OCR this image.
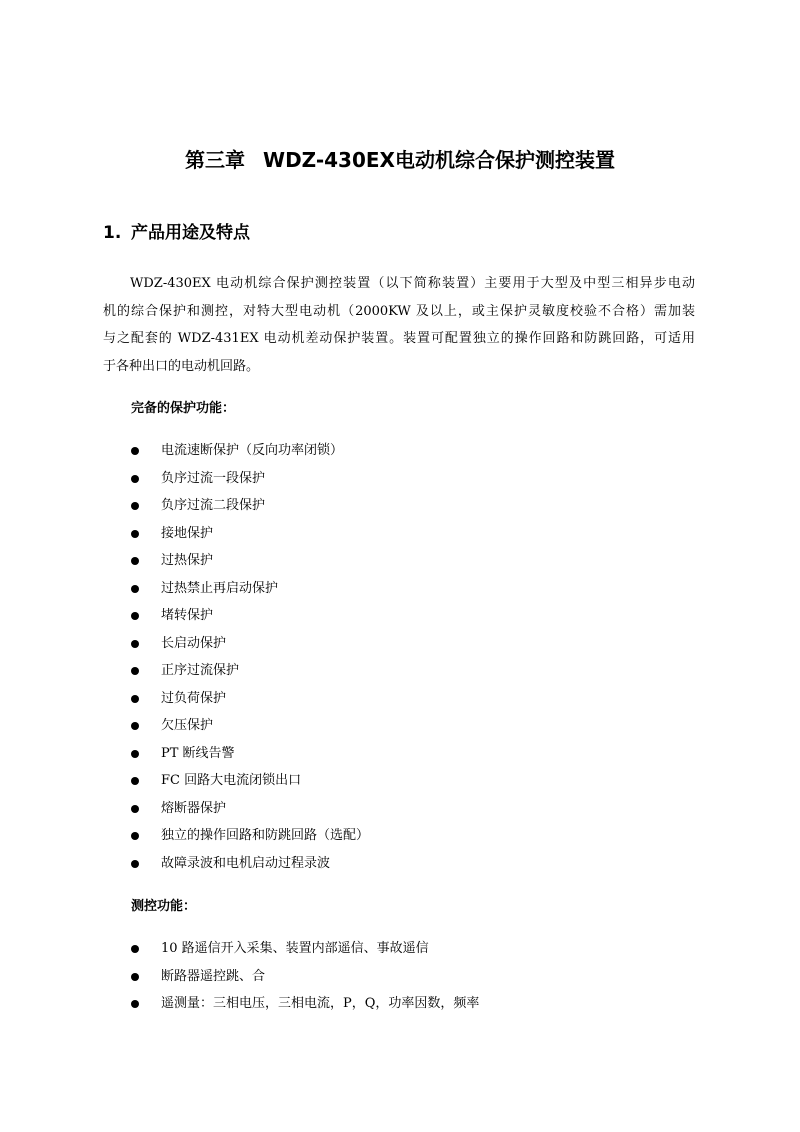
第三章 WDZ-430EX电动机综合保护测控装置
1. 产品用途及特点
WDZ-430EX 电动机综合保护测控装置（以下简称装置）主要用于大型及中型三相异步电动
机的综合保护和测控，对特大型电动机（2000KW 及以上，或主保护灵敏度校验不合格）需加装
与之配套的 WDZ-431EX 电动机差动保护装置。装置可配置独立的操作回路和防跳回路，可适用
于各种出口的电动机回路。
完备的保护功能：
电流速断保护（反向功率闭锁）
负序过流一段保护
负序过流二段保护
接地保护
过热保护
过热禁止再启动保护
堵转保护
长启动保护
正序过流保护
过负荷保护
欠压保护
PT 断线告警
FC 回路大电流闭锁出口
熔断器保护
独立的操作回路和防跳回路（选配）
故障录波和电机启动过程录波
测控功能：
10 路遥信开入采集、装置内部遥信、事故遥信
断路器遥控跳、合
遥测量：三相电压，三相电流，P，Q，功率因数，频率
